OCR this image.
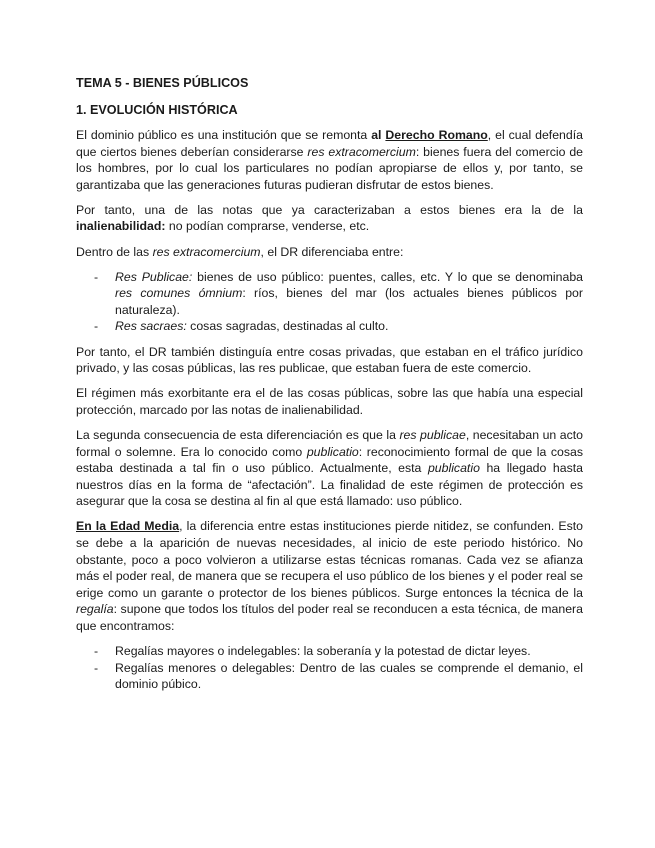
TEMA 5 - BIENES PÚBLICOS
1. EVOLUCIÓN HISTÓRICA

El dominio público es una institución que se remonta al Derecho Romano, el cual defendía que ciertos bienes deberían considerarse res extracomercium: bienes fuera del comercio de los hombres, por lo cual los particulares no podían apropiarse de ellos y, por tanto, se garantizaba que las generaciones futuras pudieran disfrutar de estos bienes.

Por tanto, una de las notas que ya caracterizaban a estos bienes era la de la inalienabilidad: no podían comprarse, venderse, etc.

Dentro de las res extracomercium, el DR diferenciaba entre:

- Res Publicae: bienes de uso público: puentes, calles, etc. Y lo que se denominaba res comunes ómnium: ríos, bienes del mar (los actuales bienes públicos por naturaleza).
- Res sacraes: cosas sagradas, destinadas al culto.

Por tanto, el DR también distinguía entre cosas privadas, que estaban en el tráfico jurídico privado, y las cosas públicas, las res publicae, que estaban fuera de este comercio.

El régimen más exorbitante era el de las cosas públicas, sobre las que había una especial protección, marcado por las notas de inalienabilidad.

La segunda consecuencia de esta diferenciación es que la res publicae, necesitaban un acto formal o solemne. Era lo conocido como publicatio: reconocimiento formal de que la cosas estaba destinada a tal fin o uso público. Actualmente, esta publicatio ha llegado hasta nuestros días en la forma de “afectación”. La finalidad de este régimen de protección es asegurar que la cosa se destina al fin al que está llamado: uso público.

En la Edad Media, la diferencia entre estas instituciones pierde nitidez, se confunden. Esto se debe a la aparición de nuevas necesidades, al inicio de este periodo histórico. No obstante, poco a poco volvieron a utilizarse estas técnicas romanas. Cada vez se afianza más el poder real, de manera que se recupera el uso público de los bienes y el poder real se erige como un garante o protector de los bienes públicos. Surge entonces la técnica de la regalía: supone que todos los títulos del poder real se reconducen a esta técnica, de manera que encontramos:

- Regalías mayores o indelegables: la soberanía y la potestad de dictar leyes.
- Regalías menores o delegables: Dentro de las cuales se comprende el demanio, el dominio púbico.
